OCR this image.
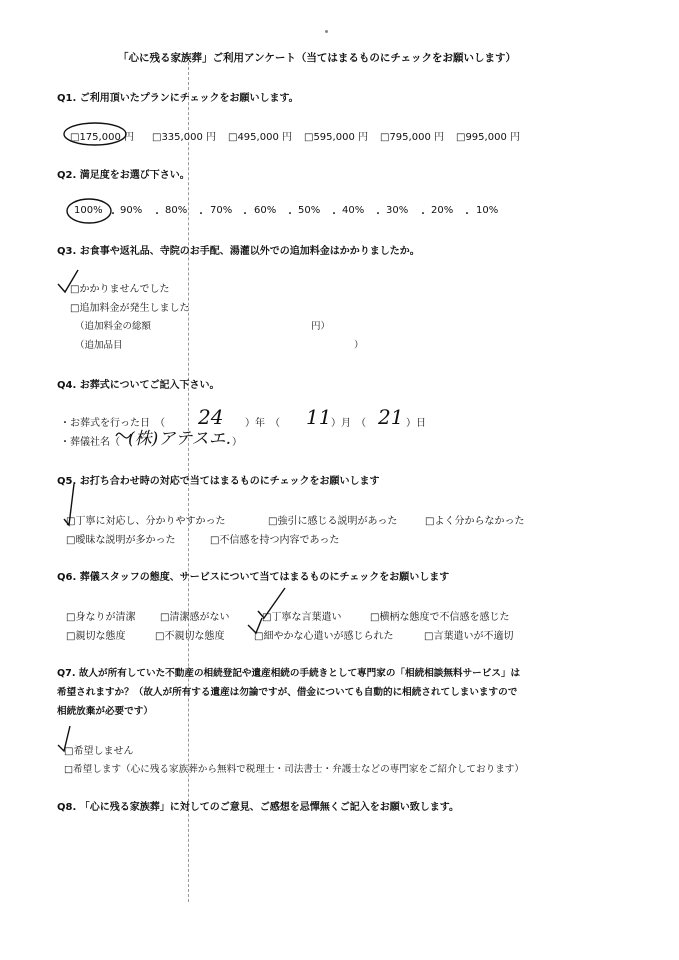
「心に残る家族葬」ご利用アンケート（当てはまるものにチェックをお願いします）
Q1. ご利用頂いたプランにチェックをお願いします。
□175,000 円 □335,000 円 □495,000 円 □595,000 円 □795,000 円 □995,000 円
Q2. 満足度をお選び下さい。
100% ・ 90% ・ 80% ・ 70% ・ 60% ・ 50% ・ 40% ・ 30% ・ 20% ・ 10%
Q3. お食事や返礼品、寺院のお手配、湯灌以外での追加料金はかかりましたか。
□かかりませんでした
□追加料金が発生しました
（追加料金の総額	円）
（追加品目	）
Q4. お葬式についてご記入下さい。
・お葬式を行った日　（ 24 ）年　（ 11 ）月　（ 21 ）日
・葬儀社名（ (株)アテスエ. ）
Q5. お打ち合わせ時の対応で当てはまるものにチェックをお願いします
□丁寧に対応し、分かりやすかった	□強引に感じる説明があった	□よく分からなかった
□曖昧な説明が多かった	□不信感を持つ内容であった
Q6. 葬儀スタッフの態度、サービスについて当てはまるものにチェックをお願いします
□身なりが清潔 □清潔感がない	□丁寧な言葉遣い	□横柄な態度で不信感を感じた
□親切な態度	□不親切な態度	□細やかな心遣いが感じられた	□言葉遣いが不適切
Q7. 故人が所有していた不動産の相続登記や遺産相続の手続きとして専門家の「相続相談無料サービス」は
希望されますか？（故人が所有する遺産は勿論ですが、借金についても自動的に相続されてしまいますので
相続放棄が必要です）
□希望しません
□希望します（心に残る家族葬から無料で税理士・司法書士・弁護士などの専門家をご紹介しております）
Q8. 「心に残る家族葬」に対してのご意見、ご感想を忌憚無くご記入をお願い致します。
